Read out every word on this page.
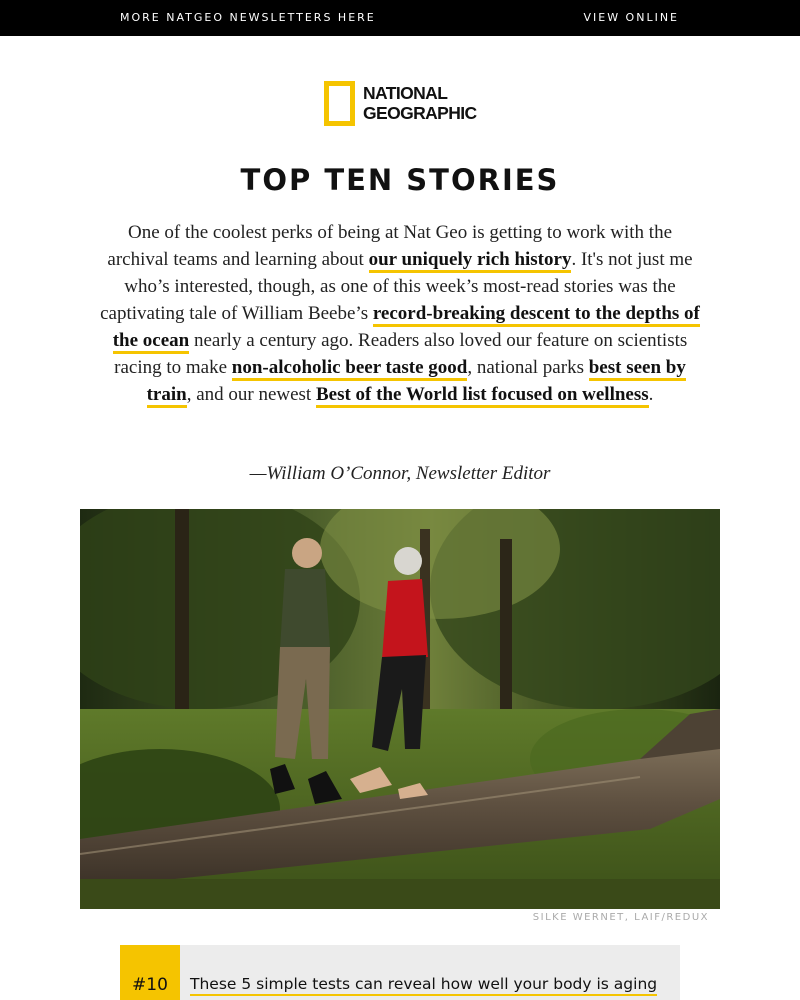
MORE NATGEO NEWSLETTERS HERE	VIEW ONLINE
NATIONAL
GEOGRAPHIC
TOP TEN STORIES

One of the coolest perks of being at Nat Geo is getting to work with the archival teams and learning about our uniquely rich history. It's not just me who’s interested, though, as one of this week’s most-read stories was the captivating tale of William Beebe’s record-breaking descent to the depths of the ocean nearly a century ago. Readers also loved our feature on scientists racing to make non-alcoholic beer taste good, national parks best seen by train, and our newest Best of the World list focused on wellness.

—William O’Connor, Newsletter Editor

SILKE WERNET, LAIF/REDUX
#10	These 5 simple tests can reveal how well your body is aging
